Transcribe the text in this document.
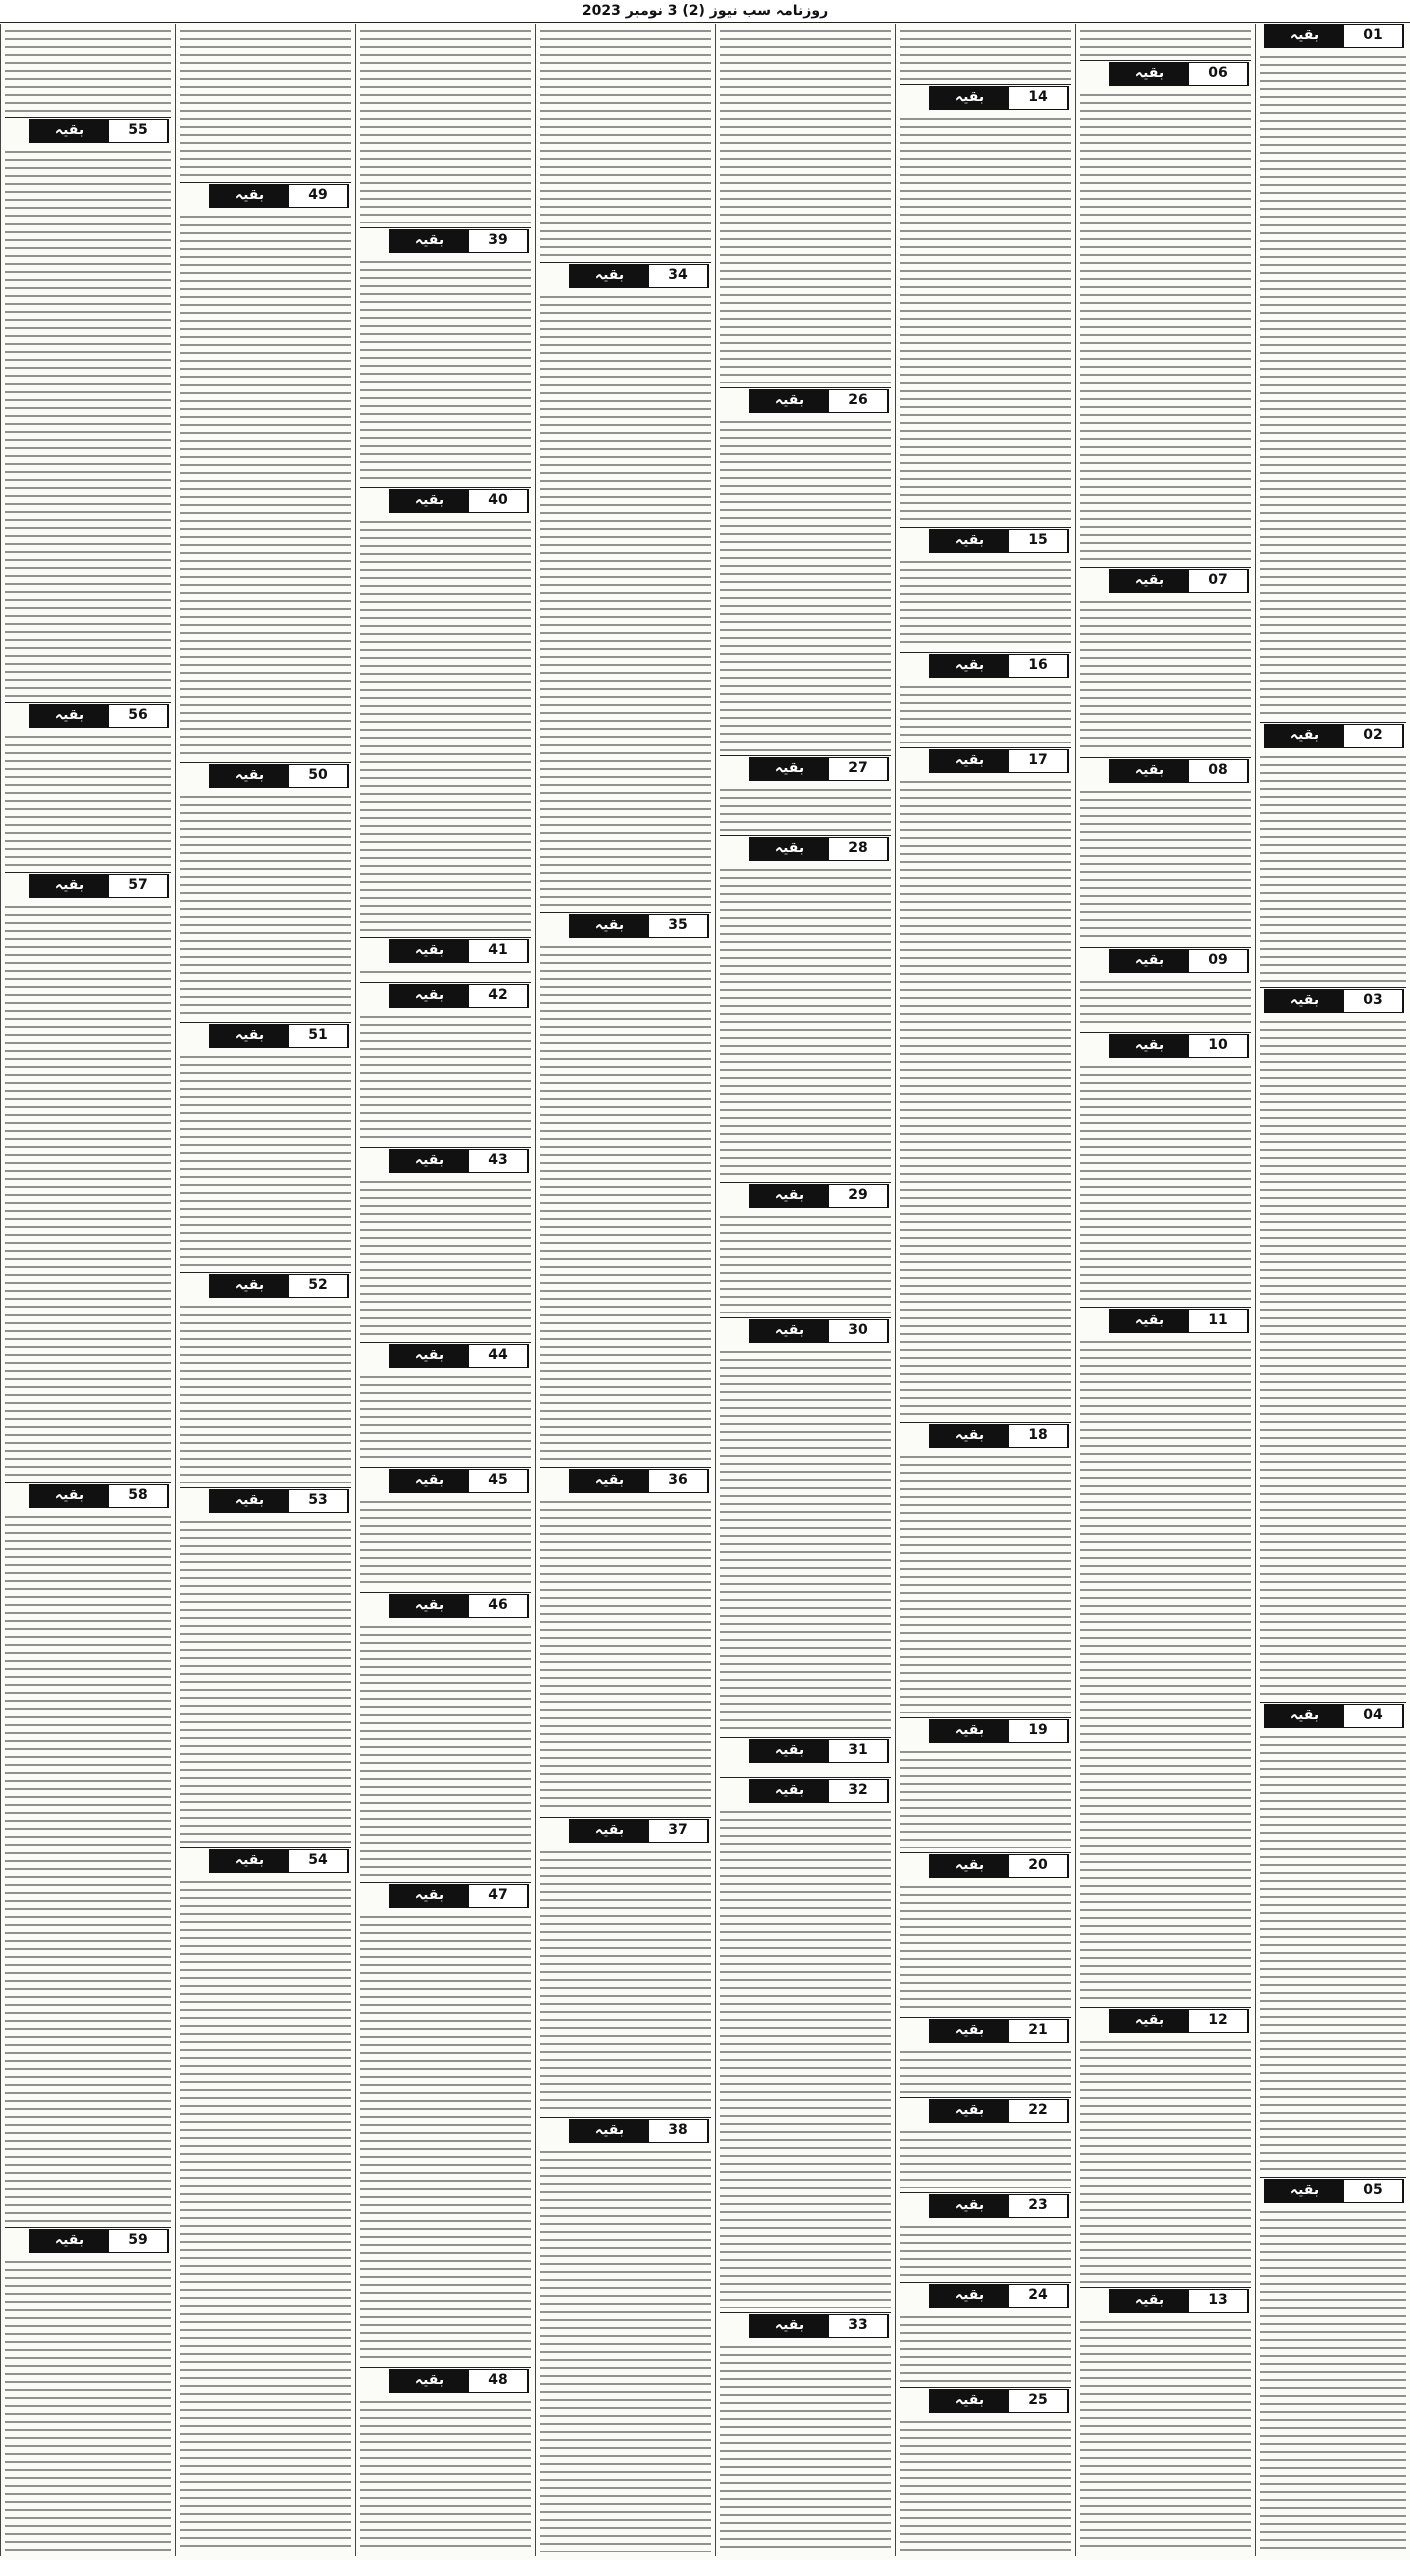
روزنامہ سب نیوز (2) 3 نومبر 2023
بقیہ	01
بقیہ	02
بقیہ	03
بقیہ	04
بقیہ	05
بقیہ	06
بقیہ	07
بقیہ	08
بقیہ	09
بقیہ	10
بقیہ	11
بقیہ	12
بقیہ	13
بقیہ	14
بقیہ	15
بقیہ	16
بقیہ	17
بقیہ	18
بقیہ	19
بقیہ	20
بقیہ	21
بقیہ	22
بقیہ	23
بقیہ	24
بقیہ	25
بقیہ	26
بقیہ	27
بقیہ	28
بقیہ	29
بقیہ	30
بقیہ	31
بقیہ	32
بقیہ	33
بقیہ	34
بقیہ	35
بقیہ	36
بقیہ	37
بقیہ	38
بقیہ	39
بقیہ	40
بقیہ	41
بقیہ	42
بقیہ	43
بقیہ	44
بقیہ	45
بقیہ	46
بقیہ	47
بقیہ	48
بقیہ	49
بقیہ	50
بقیہ	51
بقیہ	52
بقیہ	53
بقیہ	54
بقیہ	55
بقیہ	56
بقیہ	57
بقیہ	58
بقیہ	59
